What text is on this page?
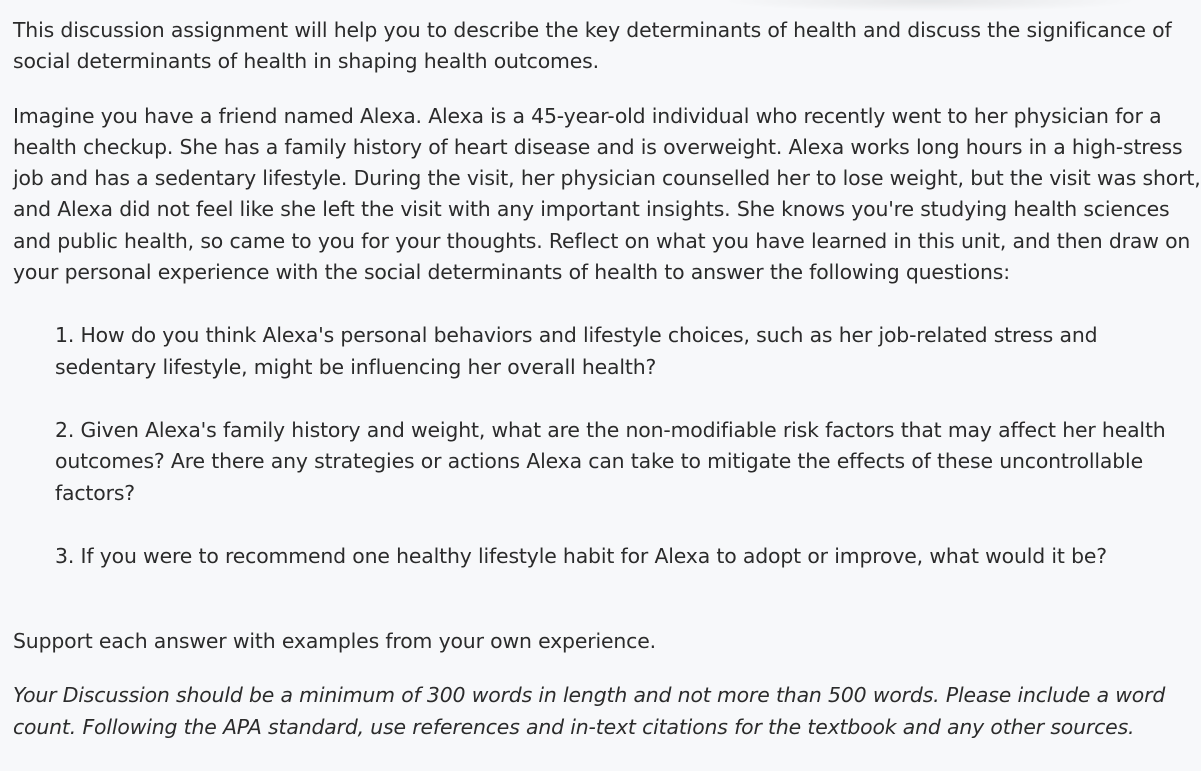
This discussion assignment will help you to describe the key determinants of health and discuss the significance of

social determinants of health in shaping health outcomes.

Imagine you have a friend named Alexa. Alexa is a 45-year-old individual who recently went to her physician for a

health checkup. She has a family history of heart disease and is overweight. Alexa works long hours in a high-stress

job and has a sedentary lifestyle. During the visit, her physician counselled her to lose weight, but the visit was short,

and Alexa did not feel like she left the visit with any important insights. She knows you're studying health sciences

and public health, so came to you for your thoughts. Reflect on what you have learned in this unit, and then draw on

your personal experience with the social determinants of health to answer the following questions:

1. How do you think Alexa's personal behaviors and lifestyle choices, such as her job-related stress and

sedentary lifestyle, might be influencing her overall health?

2. Given Alexa's family history and weight, what are the non-modifiable risk factors that may affect her health

outcomes? Are there any strategies or actions Alexa can take to mitigate the effects of these uncontrollable

factors?

3. If you were to recommend one healthy lifestyle habit for Alexa to adopt or improve, what would it be?

Support each answer with examples from your own experience.

Your Discussion should be a minimum of 300 words in length and not more than 500 words. Please include a word

count. Following the APA standard, use references and in-text citations for the textbook and any other sources.
